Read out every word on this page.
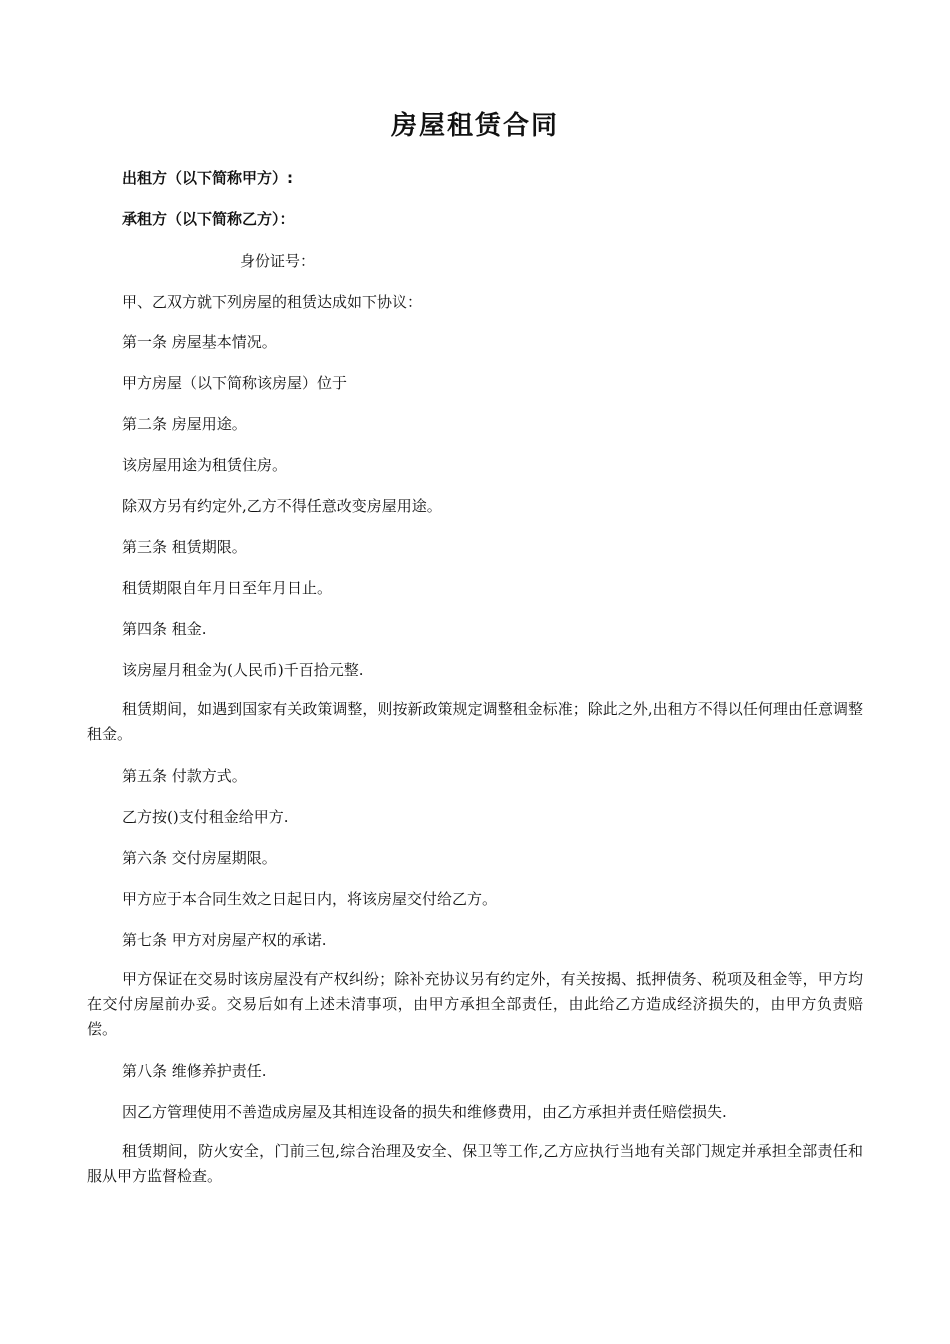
房屋租赁合同
出租方（以下简称甲方）:
承租方（以下简称乙方）：
身份证号：
甲、乙双方就下列房屋的租赁达成如下协议：
第一条 房屋基本情况。
甲方房屋（以下简称该房屋）位于
第二条 房屋用途。
该房屋用途为租赁住房。
除双方另有约定外,乙方不得任意改变房屋用途。
第三条 租赁期限。
租赁期限自年月日至年月日止。
第四条 租金.
该房屋月租金为(人民币)千百拾元整.
租赁期间，如遇到国家有关政策调整，则按新政策规定调整租金标准；除此之外,出租方不得以任何理由任意调整租金。
第五条 付款方式。
乙方按()支付租金给甲方.
第六条 交付房屋期限。
甲方应于本合同生效之日起日内，将该房屋交付给乙方。
第七条 甲方对房屋产权的承诺.
甲方保证在交易时该房屋没有产权纠纷；除补充协议另有约定外，有关按揭、抵押债务、税项及租金等，甲方均在交付房屋前办妥。交易后如有上述未清事项，由甲方承担全部责任，由此给乙方造成经济损失的，由甲方负责赔偿。
第八条 维修养护责任.
因乙方管理使用不善造成房屋及其相连设备的损失和维修费用，由乙方承担并责任赔偿损失.
租赁期间，防火安全，门前三包,综合治理及安全、保卫等工作,乙方应执行当地有关部门规定并承担全部责任和服从甲方监督检查。
